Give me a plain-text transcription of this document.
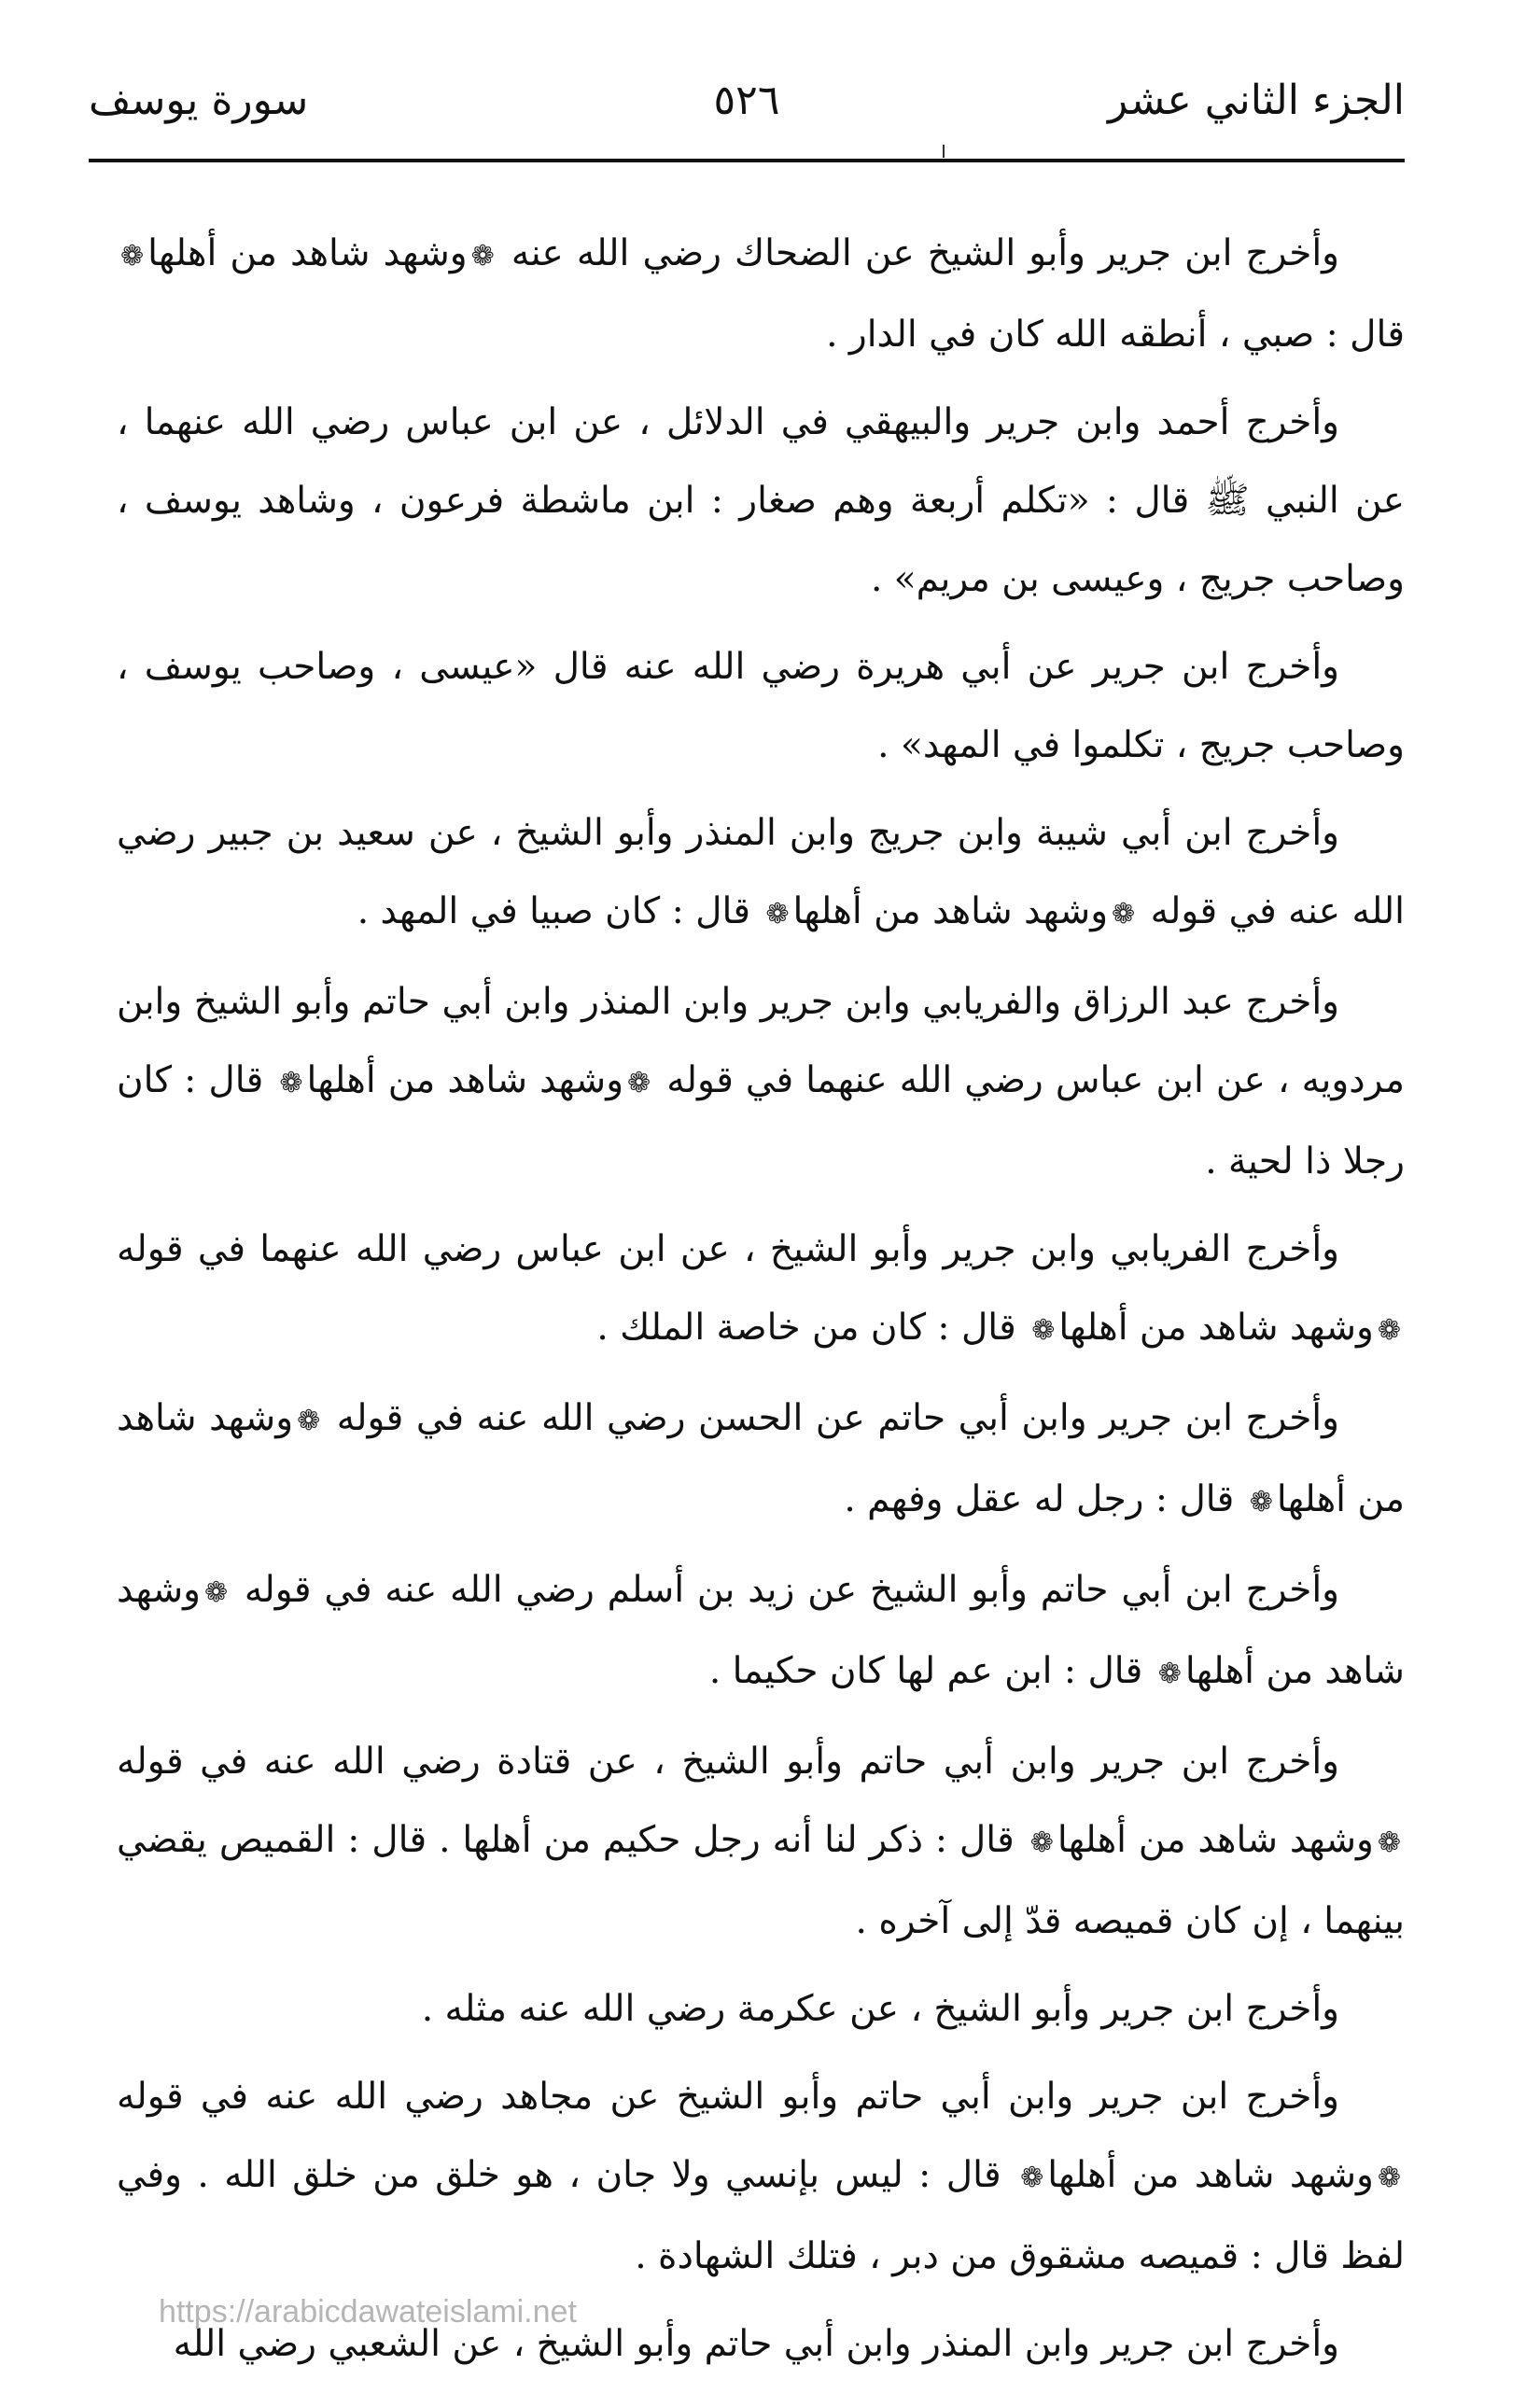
الجزء الثاني عشر
٥٢٦
سورة يوسف

وأخرج ابن جرير وأبو الشيخ عن الضحاك رضي الله عنه ❁وشهد شاهد من أهلها❁ قال : صبي ، أنطقه الله كان في الدار .

وأخرج أحمد وابن جرير والبيهقي في الدلائل ، عن ابن عباس رضي الله عنهما ، عن النبي ﷺ قال : «تكلم أربعة وهم صغار : ابن ماشطة فرعون ، وشاهد يوسف ، وصاحب جريج ، وعيسى بن مريم» .

وأخرج ابن جرير عن أبي هريرة رضي الله عنه قال «عيسى ، وصاحب يوسف ، وصاحب جريج ، تكلموا في المهد» .

وأخرج ابن أبي شيبة وابن جريج وابن المنذر وأبو الشيخ ، عن سعيد بن جبير رضي الله عنه في قوله ❁وشهد شاهد من أهلها❁ قال : كان صبيا في المهد .

وأخرج عبد الرزاق والفريابي وابن جرير وابن المنذر وابن أبي حاتم وأبو الشيخ وابن مردويه ، عن ابن عباس رضي الله عنهما في قوله ❁وشهد شاهد من أهلها❁ قال : كان رجلا ذا لحية .

وأخرج الفريابي وابن جرير وأبو الشيخ ، عن ابن عباس رضي الله عنهما في قوله ❁وشهد شاهد من أهلها❁ قال : كان من خاصة الملك .

وأخرج ابن جرير وابن أبي حاتم عن الحسن رضي الله عنه في قوله ❁وشهد شاهد من أهلها❁ قال : رجل له عقل وفهم .

وأخرج ابن أبي حاتم وأبو الشيخ عن زيد بن أسلم رضي الله عنه في قوله ❁وشهد شاهد من أهلها❁ قال : ابن عم لها كان حكيما .

وأخرج ابن جرير وابن أبي حاتم وأبو الشيخ ، عن قتادة رضي الله عنه في قوله ❁وشهد شاهد من أهلها❁ قال : ذكر لنا أنه رجل حكيم من أهلها . قال : القميص يقضي بينهما ، إن كان قميصه قدّ إلى آخره .

وأخرج ابن جرير وأبو الشيخ ، عن عكرمة رضي الله عنه مثله .

وأخرج ابن جرير وابن أبي حاتم وأبو الشيخ عن مجاهد رضي الله عنه في قوله ❁وشهد شاهد من أهلها❁ قال : ليس بإنسي ولا جان ، هو خلق من خلق الله . وفي لفظ قال : قميصه مشقوق من دبر ، فتلك الشهادة .

وأخرج ابن جرير وابن المنذر وابن أبي حاتم وأبو الشيخ ، عن الشعبي رضي الله

https://arabicdawateislami.net
